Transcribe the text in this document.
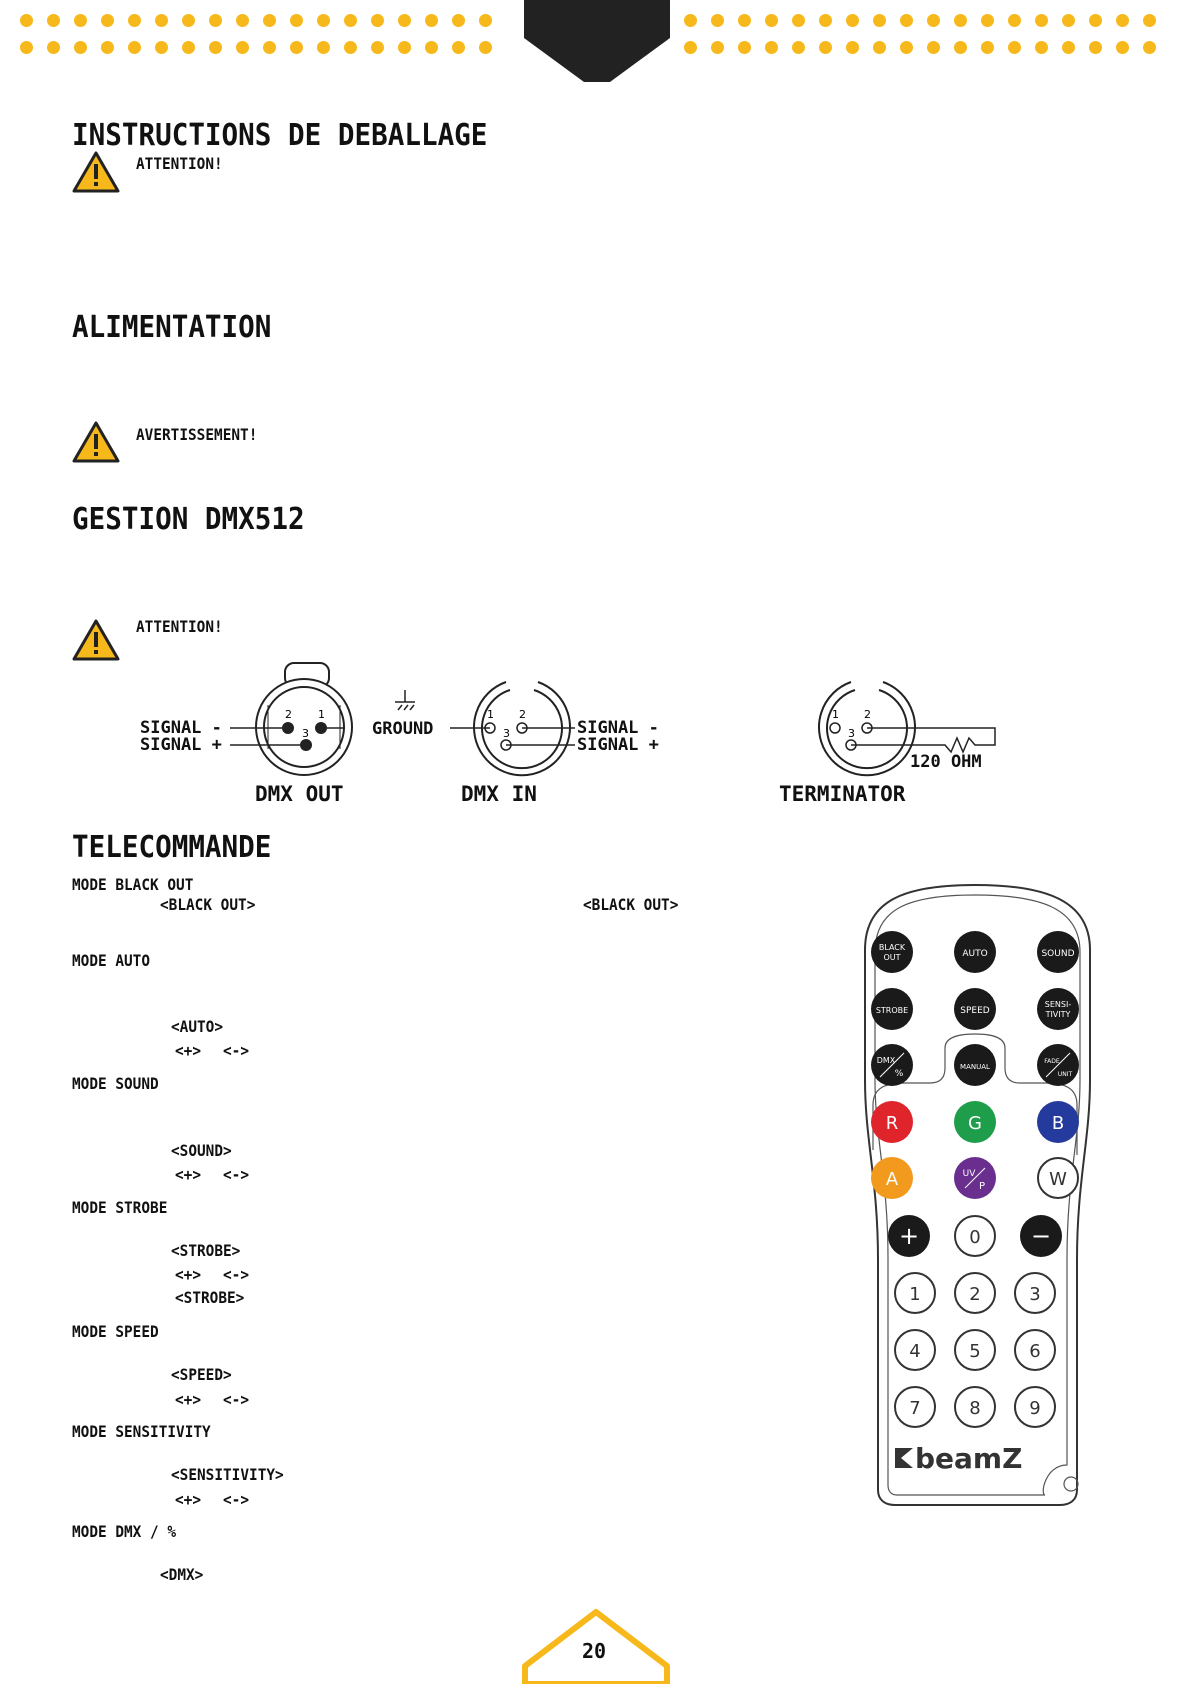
INSTRUCTIONS DE DEBALLAGE
ATTENTION!
ALIMENTATION
AVERTISSEMENT!
GESTION DMX512
ATTENTION!
2 1
3
1 2
3
1 2
3
SIGNAL -
SIGNAL +
GROUND	SIGNAL -
SIGNAL +
120 OHM
DMX OUT	DMX IN	TERMINATOR
TELECOMMANDE
MODE BLACK OUT
<BLACK OUT>	<BLACK OUT>
MODE AUTO
<AUTO>
<+> <->
MODE SOUND
<SOUND>
<+> <->
MODE STROBE
<STROBE>
<+> <->
<STROBE>
MODE SPEED
<SPEED>
<+> <->
MODE SENSITIVITY
<SENSITIVITY>
<+> <->
MODE DMX / %
<DMX>
BLACK
OUT	AUTO	SOUND
STROBE	SPEED
SENSI-
TIVITY
DMX
%
MANUAL
FADE
UNIT
R	G	B
A	UV
P	W
+	0 −
1	2	3
4	5	6
7	8	9
beamZ
20
